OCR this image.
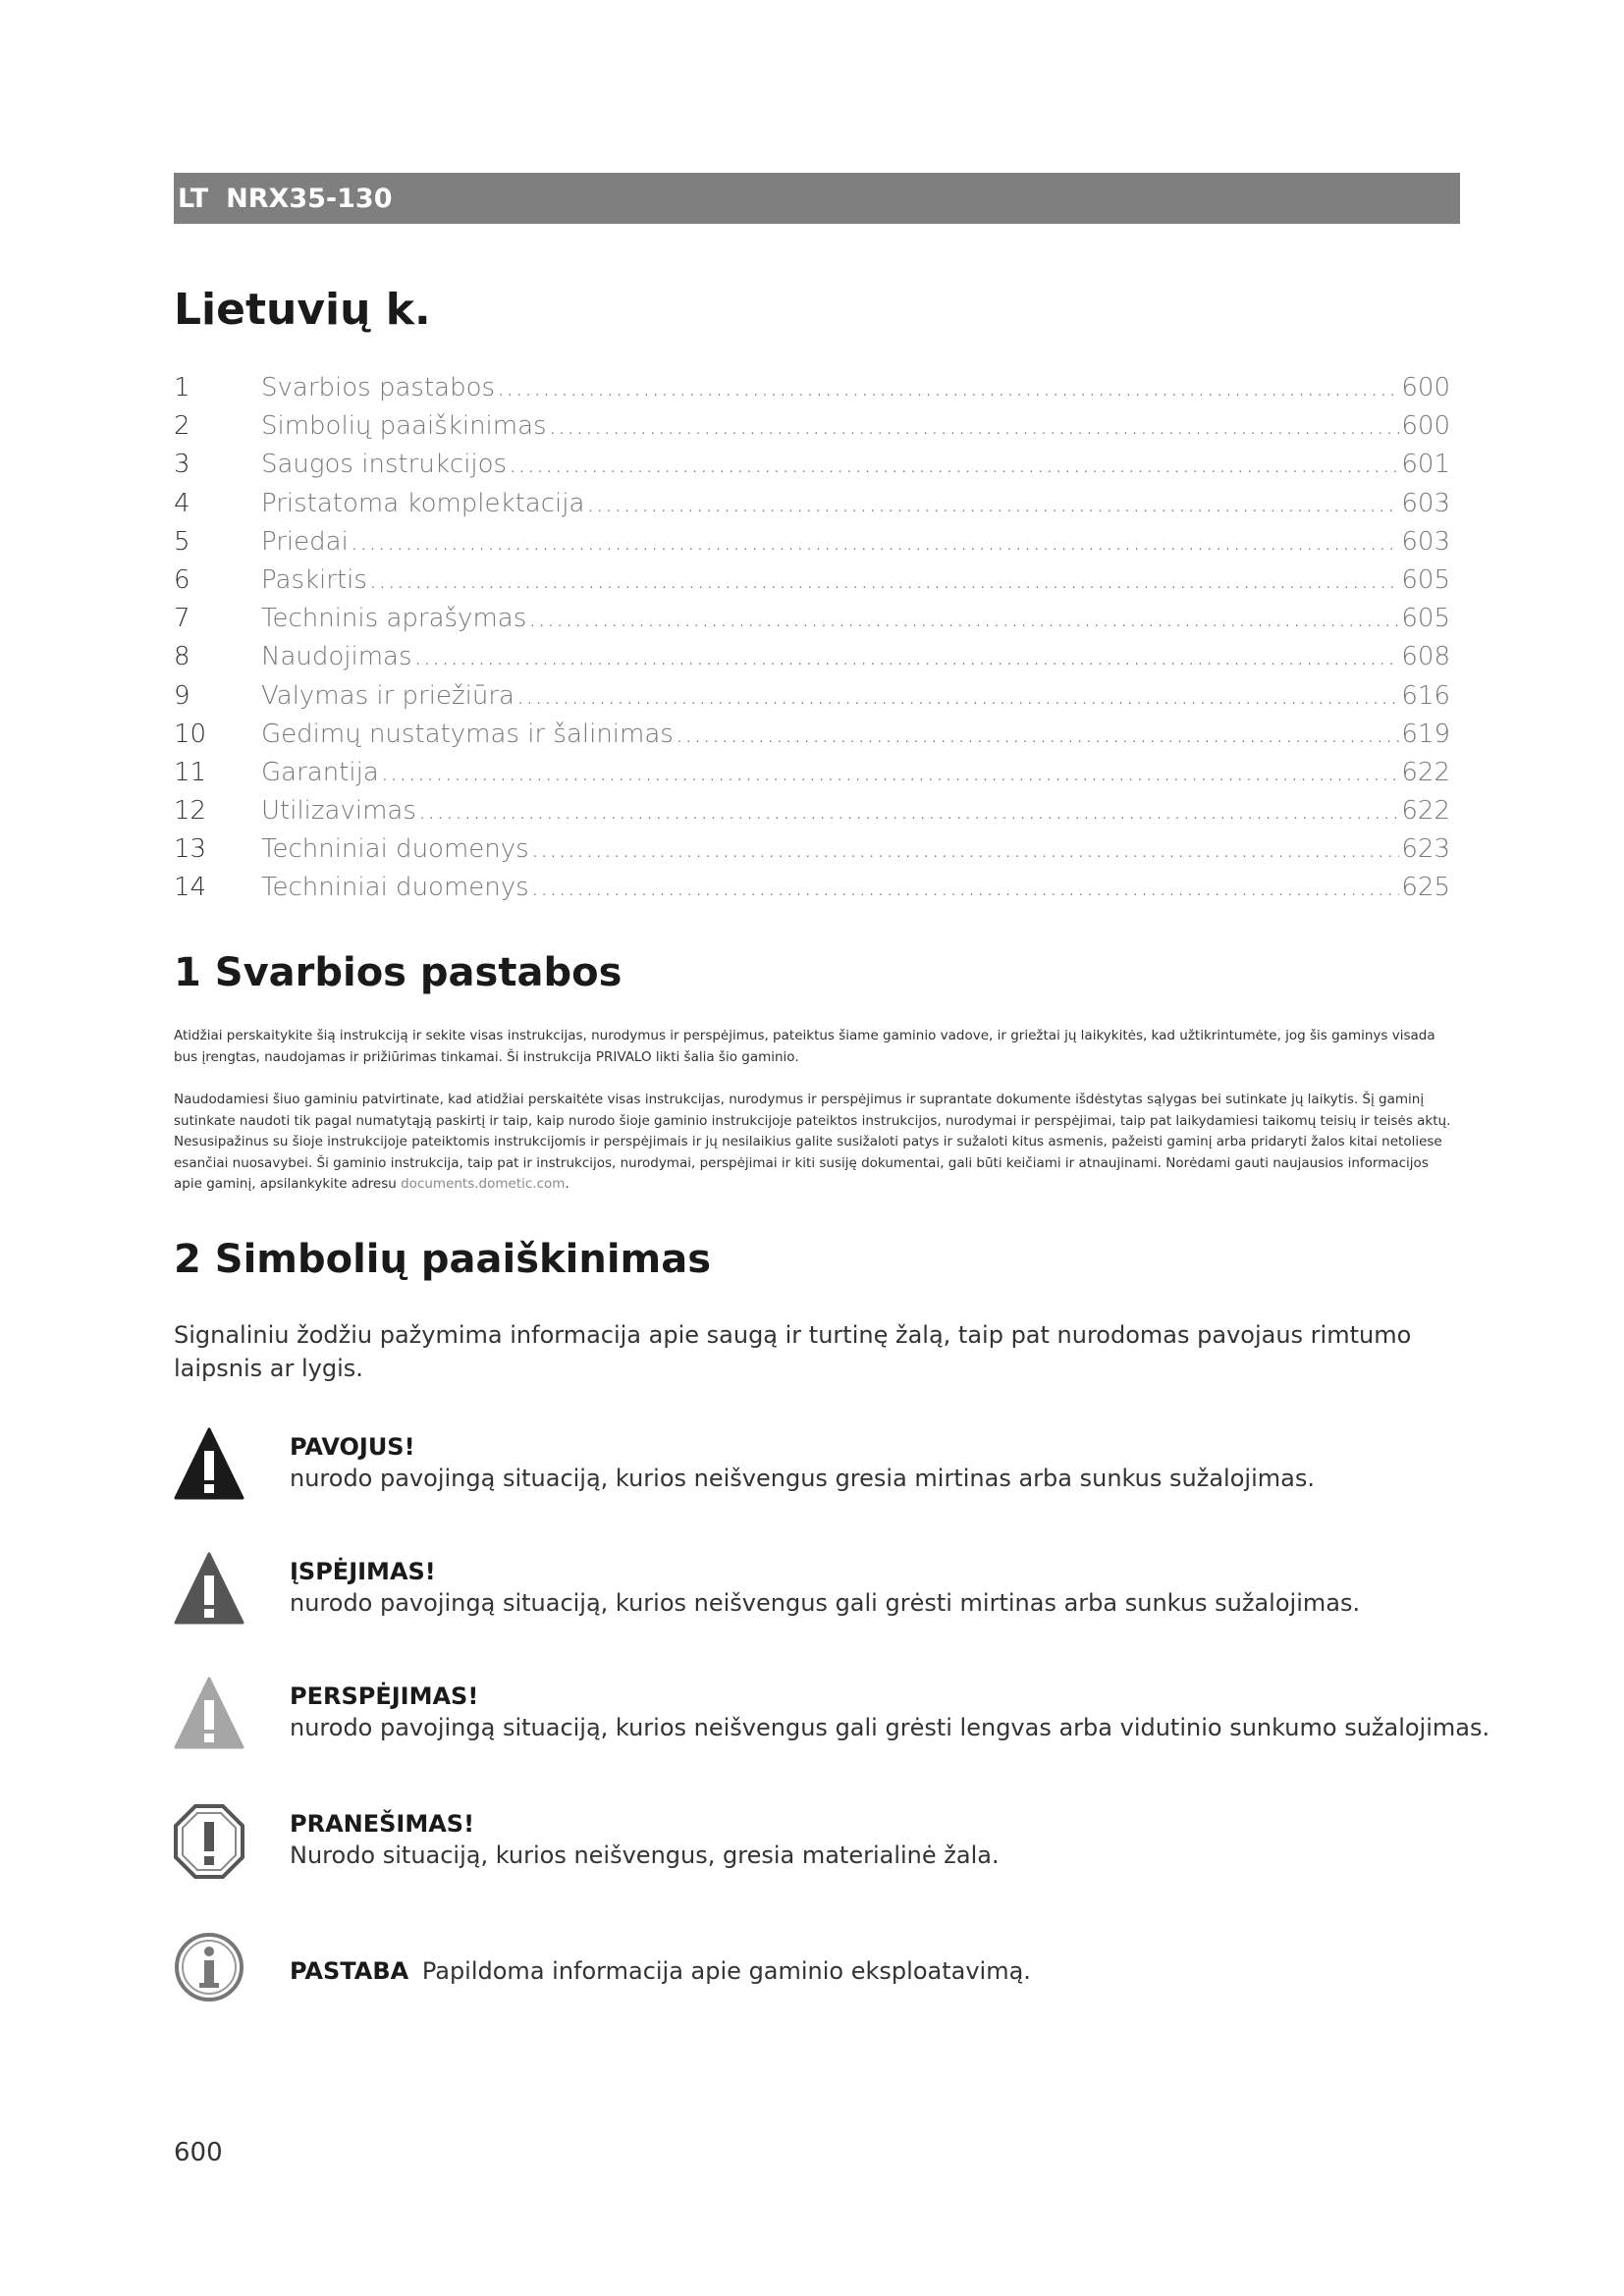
LT NRX35-130
Lietuvių k.
1	Svarbios pastabos .....	600
2	Simbolių paaiškinimas .....	600
3	Saugos instrukcijos .....	601
4	Pristatoma komplektacija .....	603
5	Priedai .....	603
6	Paskirtis .....	605
7	Techninis aprašymas .....	605
8	Naudojimas .....	608
9	Valymas ir priežiūra .....	616
10	Gedimų nustatymas ir šalinimas .....	619
11	Garantija .....	622
12	Utilizavimas .....	622
13	Techniniai duomenys .....	623
14	Techniniai duomenys .....	625
1 Svarbios pastabos

Atidžiai perskaitykite šią instrukciją ir sekite visas instrukcijas, nurodymus ir perspėjimus, pateiktus šiame gaminio vadove, ir griežtai jų laikykitės, kad užtikrintumėte, jog šis gaminys visada bus įrengtas, naudojamas ir prižiūrimas tinkamai. Ši instrukcija PRIVALO likti šalia šio gaminio.

Naudodamiesi šiuo gaminiu patvirtinate, kad atidžiai perskaitėte visas instrukcijas, nurodymus ir perspėjimus ir suprantate dokumente išdėstytas sąlygas bei sutinkate jų laikytis. Šį gaminį sutinkate naudoti tik pagal numatytąją paskirtį ir taip, kaip nurodo šioje gaminio instrukcijoje pateiktos instrukcijos, nurodymai ir perspėjimai, taip pat laikydamiesi taikomų teisių ir teisės aktų. Nesusipažinus su šioje instrukcijoje pateiktomis instrukcijomis ir perspėjimais ir jų nesilaikius galite susižaloti patys ir sužaloti kitus asmenis, pažeisti gaminį arba pridaryti žalos kitai netoliese esančiai nuosavybei. Ši gaminio instrukcija, taip pat ir instrukcijos, nurodymai, perspėjimai ir kiti susiję dokumentai, gali būti keičiami ir atnaujinami. Norėdami gauti naujausios informacijos apie gaminį, apsilankykite adresu documents.dometic.com.

2 Simbolių paaiškinimas

Signaliniu žodžiu pažymima informacija apie saugą ir turtinę žalą, taip pat nurodomas pavojaus rimtumo laipsnis ar lygis.

PAVOJUS!
nurodo pavojingą situaciją, kurios neišvengus gresia mirtinas arba sunkus sužalojimas.
ĮSPĖJIMAS!
nurodo pavojingą situaciją, kurios neišvengus gali grėsti mirtinas arba sunkus sužalojimas.
PERSPĖJIMAS!
nurodo pavojingą situaciją, kurios neišvengus gali grėsti lengvas arba vidutinio sunkumo sužalojimas.
PRANEŠIMAS!
Nurodo situaciją, kurios neišvengus, gresia materialinė žala.
PASTABA Papildoma informacija apie gaminio eksploatavimą.
600
